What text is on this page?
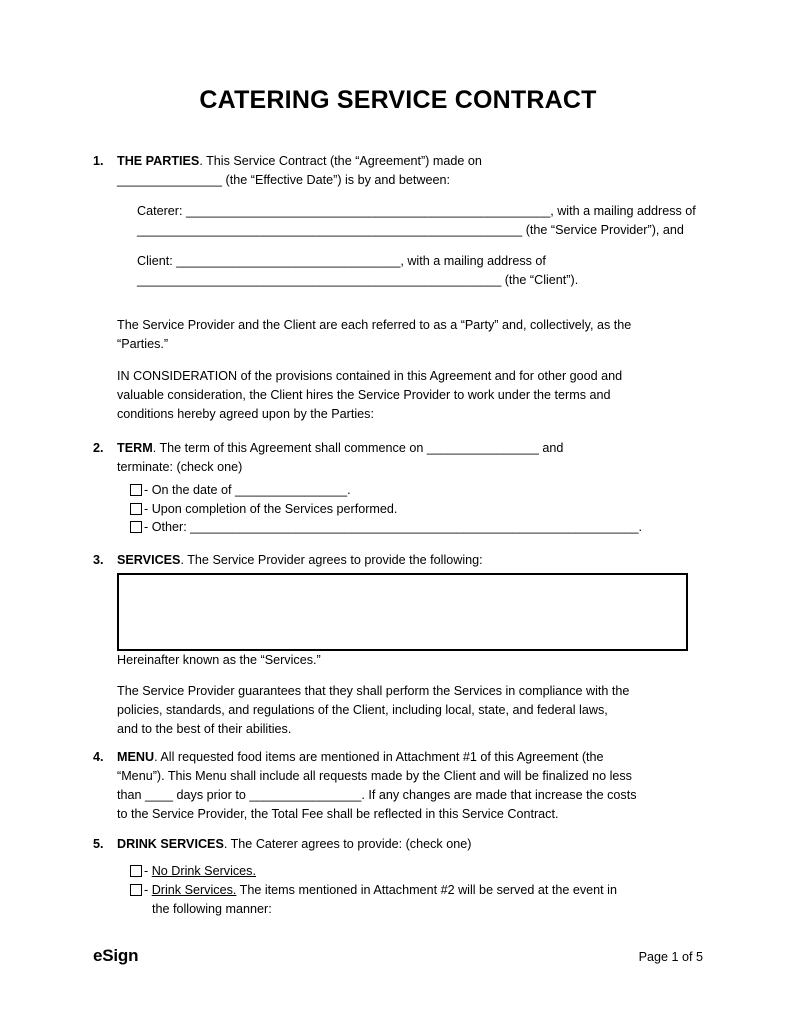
CATERING SERVICE CONTRACT
1.	THE PARTIES. This Service Contract (the “Agreement”) made on
_______________ (the “Effective Date”) is by and between:
Caterer: ____________________________________________________, with a mailing address of
_______________________________________________________ (the “Service Provider”), and
Client: ________________________________, with a mailing address of
____________________________________________________ (the “Client”).
The Service Provider and the Client are each referred to as a “Party” and, collectively, as the
“Parties.”
IN CONSIDERATION of the provisions contained in this Agreement and for other good and
valuable consideration, the Client hires the Service Provider to work under the terms and
conditions hereby agreed upon by the Parties:
2.	TERM. The term of this Agreement shall commence on ________________ and
terminate: (check one)
- On the date of ________________.
- Upon completion of the Services performed.
- Other: ________________________________________________________________.
3.	SERVICES. The Service Provider agrees to provide the following:
Hereinafter known as the “Services.”
The Service Provider guarantees that they shall perform the Services in compliance with the
policies, standards, and regulations of the Client, including local, state, and federal laws,
and to the best of their abilities.
4.	MENU. All requested food items are mentioned in Attachment #1 of this Agreement (the
“Menu”). This Menu shall include all requests made by the Client and will be finalized no less
than ____ days prior to ________________. If any changes are made that increase the costs
to the Service Provider, the Total Fee shall be reflected in this Service Contract.
5.	DRINK SERVICES. The Caterer agrees to provide: (check one)
- No Drink Services.
- Drink Services. The items mentioned in Attachment #2 will be served at the event in
the following manner:
eSign	Page 1 of 5
